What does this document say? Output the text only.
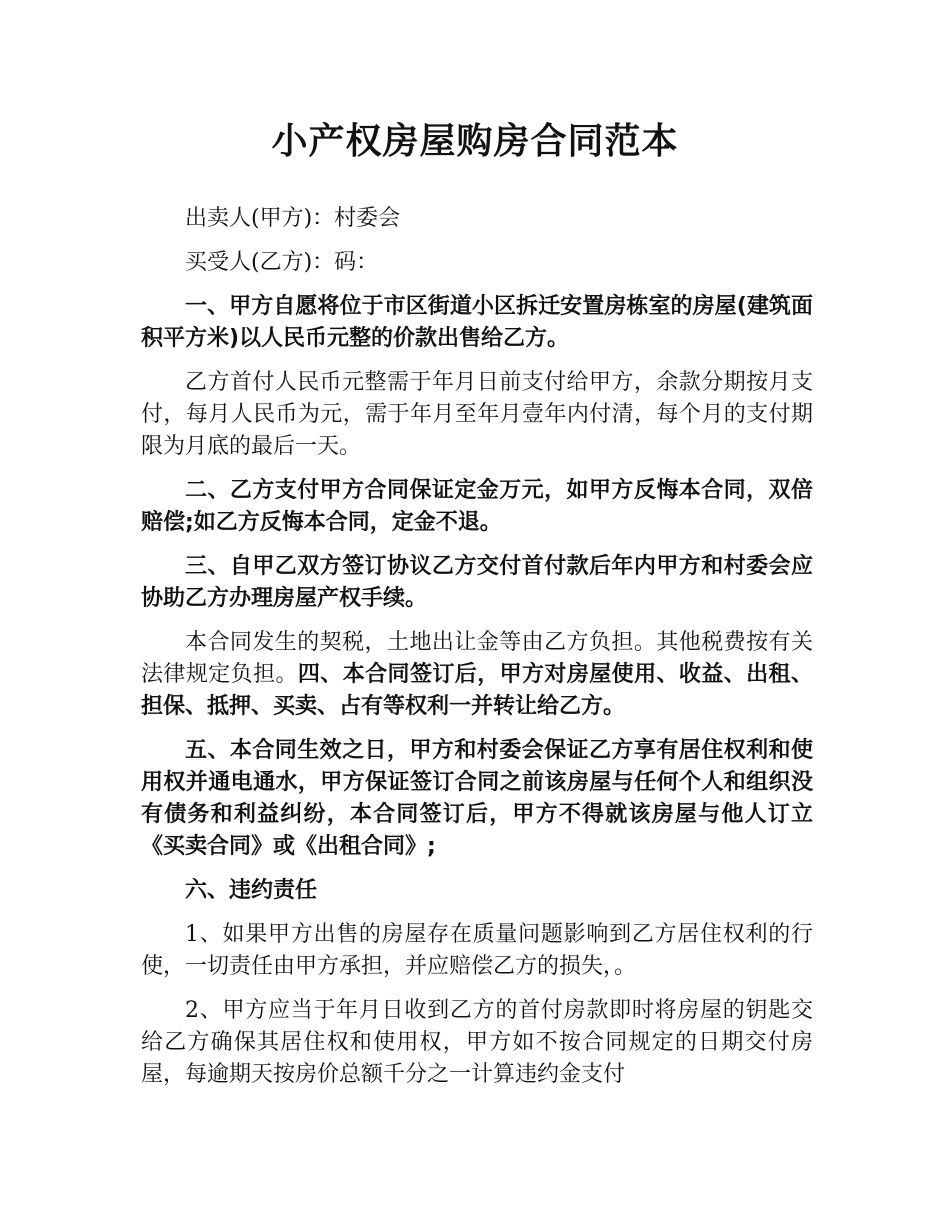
小产权房屋购房合同范本

出卖人(甲方)：村委会

买受人(乙方)：码：

一、甲方自愿将位于市区街道小区拆迁安置房栋室的房屋(建筑面积平方米)以人民币元整的价款出售给乙方。

乙方首付人民币元整需于年月日前支付给甲方，余款分期按月支付，每月人民币为元，需于年月至年月壹年内付清，每个月的支付期限为月底的最后一天。

二、乙方支付甲方合同保证定金万元，如甲方反悔本合同，双倍赔偿;如乙方反悔本合同，定金不退。

三、自甲乙双方签订协议乙方交付首付款后年内甲方和村委会应协助乙方办理房屋产权手续。

本合同发生的契税，土地出让金等由乙方负担。其他税费按有关法律规定负担。四、本合同签订后，甲方对房屋使用、收益、出租、担保、抵押、买卖、占有等权利一并转让给乙方。

五、本合同生效之日，甲方和村委会保证乙方享有居住权利和使用权并通电通水，甲方保证签订合同之前该房屋与任何个人和组织没有债务和利益纠纷，本合同签订后，甲方不得就该房屋与他人订立《买卖合同》或《出租合同》;

六、违约责任

1、如果甲方出售的房屋存在质量问题影响到乙方居住权利的行使，一切责任由甲方承担，并应赔偿乙方的损失，。

2、甲方应当于年月日收到乙方的首付房款即时将房屋的钥匙交给乙方确保其居住权和使用权，甲方如不按合同规定的日期交付房屋，每逾期天按房价总额千分之一计算违约金支付
